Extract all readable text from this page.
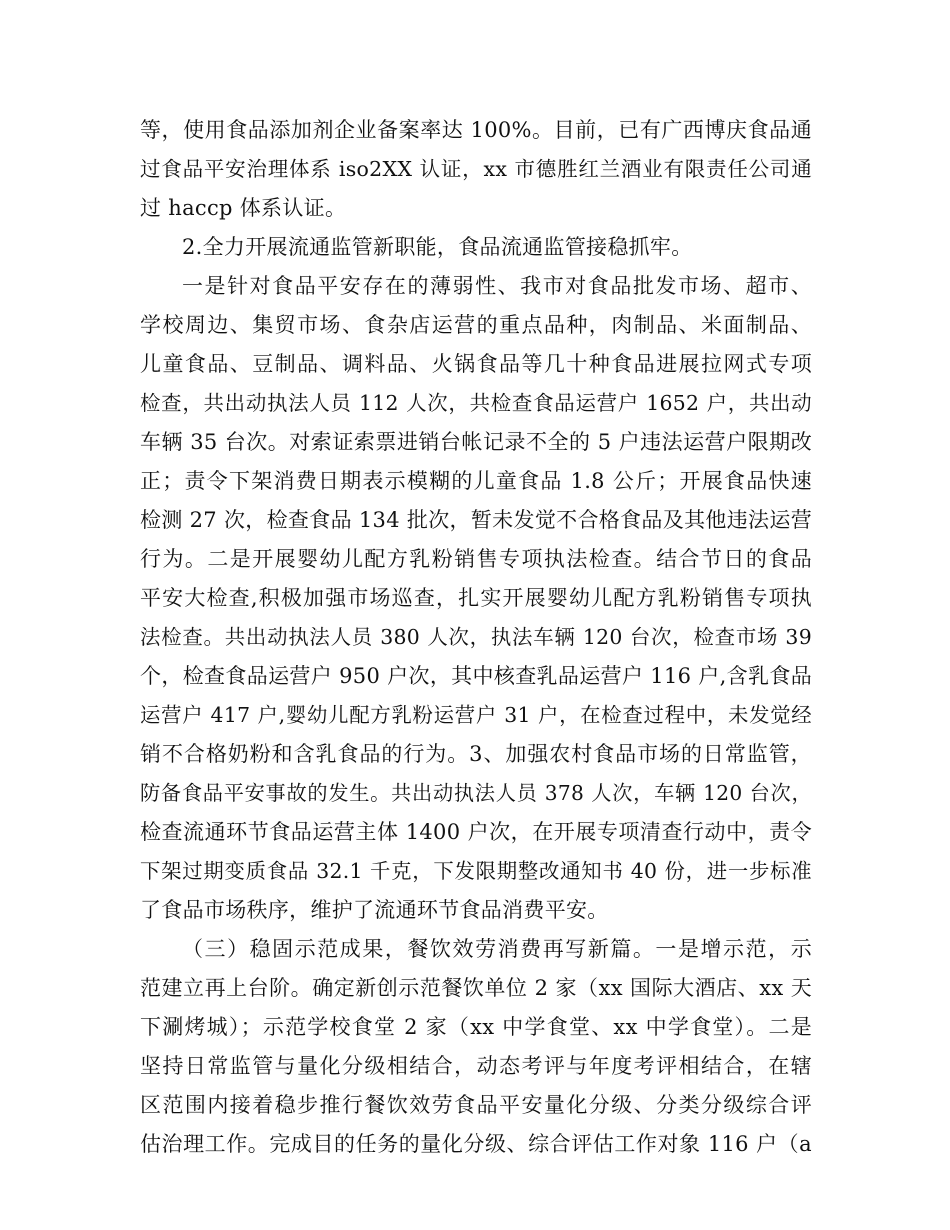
等，使用食品添加剂企业备案率达 100%。目前，已有广西博庆食品通
过食品平安治理体系 iso2XX 认证，xx 市德胜红兰酒业有限责任公司通
过 haccp 体系认证。
2.全力开展流通监管新职能，食品流通监管接稳抓牢。
一是针对食品平安存在的薄弱性、我市对食品批发市场、超市、
学校周边、集贸市场、食杂店运营的重点品种，肉制品、米面制品、
儿童食品、豆制品、调料品、火锅食品等几十种食品进展拉网式专项
检查，共出动执法人员 112 人次，共检查食品运营户 1652 户，共出动
车辆 35 台次。对索证索票进销台帐记录不全的 5 户违法运营户限期改
正；责令下架消费日期表示模糊的儿童食品 1.8 公斤；开展食品快速
检测 27 次，检查食品 134 批次，暂未发觉不合格食品及其他违法运营
行为。二是开展婴幼儿配方乳粉销售专项执法检查。结合节日的食品
平安大检查,积极加强市场巡查，扎实开展婴幼儿配方乳粉销售专项执
法检查。共出动执法人员 380 人次，执法车辆 120 台次，检查市场 39
个，检查食品运营户 950 户次，其中核查乳品运营户 116 户,含乳食品
运营户 417 户,婴幼儿配方乳粉运营户 31 户，在检查过程中，未发觉经
销不合格奶粉和含乳食品的行为。3、加强农村食品市场的日常监管，
防备食品平安事故的发生。共出动执法人员 378 人次，车辆 120 台次，
检查流通环节食品运营主体 1400 户次，在开展专项清查行动中，责令
下架过期变质食品 32.1 千克，下发限期整改通知书 40 份，进一步标准
了食品市场秩序，维护了流通环节食品消费平安。
（三）稳固示范成果，餐饮效劳消费再写新篇。一是增示范，示
范建立再上台阶。确定新创示范餐饮单位 2 家（xx 国际大酒店、xx 天
下涮烤城）；示范学校食堂 2 家（xx 中学食堂、xx 中学食堂）。二是
坚持日常监管与量化分级相结合，动态考评与年度考评相结合，在辖
区范围内接着稳步推行餐饮效劳食品平安量化分级、分类分级综合评
估治理工作。完成目的任务的量化分级、综合评估工作对象 116 户（a
